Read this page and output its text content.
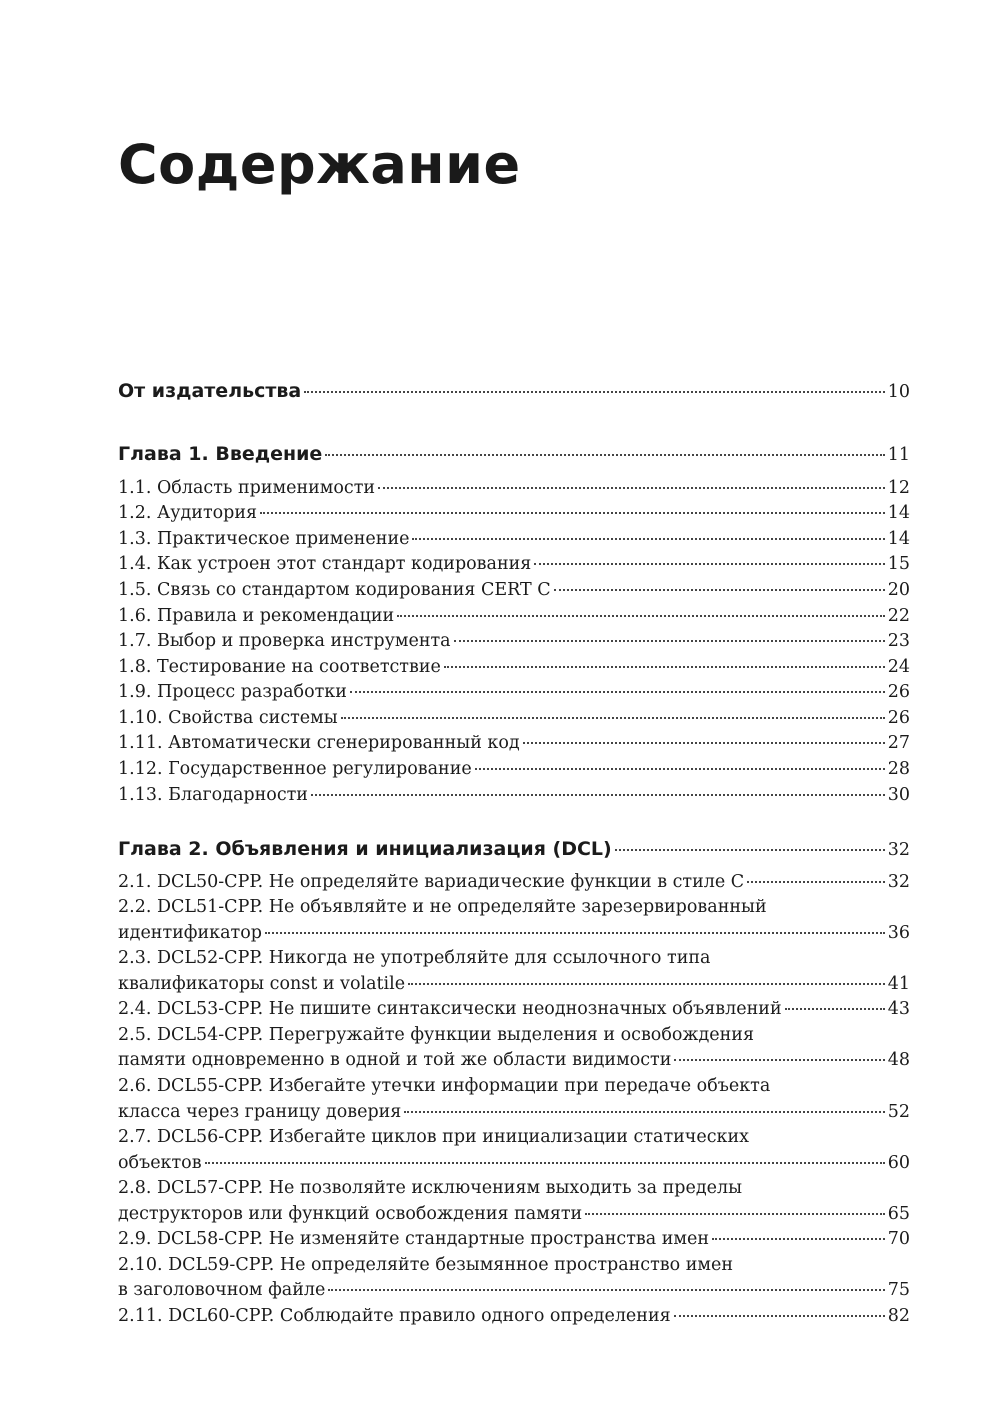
Содержание
От издательства	10
Глава 1. Введение	11
1.1. Область применимости	12
1.2. Аудитория	14
1.3. Практическое применение	14
1.4. Как устроен этот стандарт кодирования	15
1.5. Связь со стандартом кодирования CERT C	20
1.6. Правила и рекомендации	22
1.7. Выбор и проверка инструмента	23
1.8. Тестирование на соответствие	24
1.9. Процесс разработки	26
1.10. Свойства системы	26
1.11. Автоматически сгенерированный код	27
1.12. Государственное регулирование	28
1.13. Благодарности	30
Глава 2. Объявления и инициализация (DCL)	32
2.1. DCL50-CPP. Не определяйте вариадические функции в стиле C	32
2.2. DCL51-CPP. Не объявляйте и не определяйте зарезервированный
идентификатор	36
2.3. DCL52-CPP. Никогда не употребляйте для ссылочного типа
квалификаторы const и volatile	41
2.4. DCL53-CPP. Не пишите синтаксически неоднозначных объявлений	43
2.5. DCL54-CPP. Перегружайте функции выделения и освобождения
памяти одновременно в одной и той же области видимости	48
2.6. DCL55-CPP. Избегайте утечки информации при передаче объекта
класса через границу доверия	52
2.7. DCL56-CPP. Избегайте циклов при инициализации статических
объектов	60
2.8. DCL57-CPP. Не позволяйте исключениям выходить за пределы
деструкторов или функций освобождения памяти	65
2.9. DCL58-CPP. Не изменяйте стандартные пространства имен	70
2.10. DCL59-CPP. Не определяйте безымянное пространство имен
в заголовочном файле	75
2.11. DCL60-CPP. Соблюдайте правило одного определения	82
